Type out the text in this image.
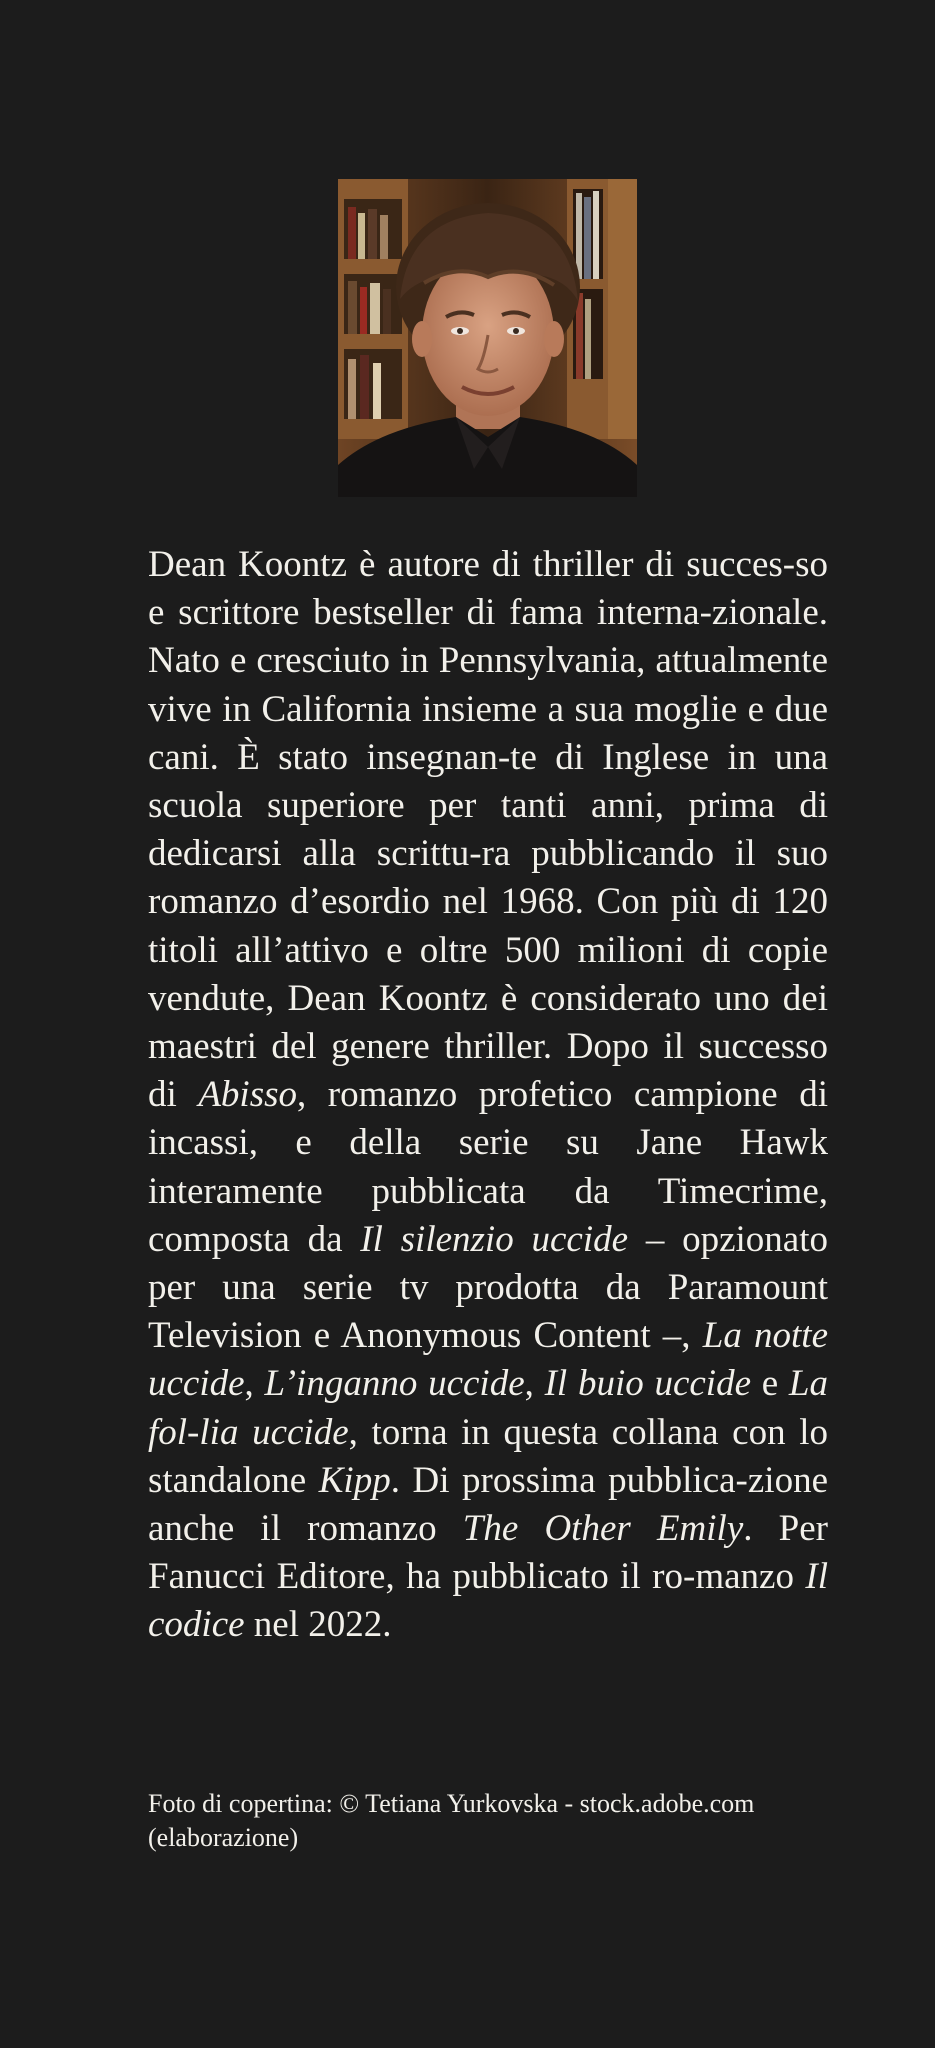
Dean Koontz è autore di thriller di succes-so e scrittore bestseller di fama interna-zionale. Nato e cresciuto in Pennsylvania, attualmente vive in California insieme a sua moglie e due cani. È stato insegnan-te di Inglese in una scuola superiore per tanti anni, prima di dedicarsi alla scrittu-ra pubblicando il suo romanzo d’esordio nel 1968. Con più di 120 titoli all’attivo e oltre 500 milioni di copie vendute, Dean Koontz è considerato uno dei maestri del genere thriller. Dopo il successo di Abisso, romanzo profetico campione di incassi, e della serie su Jane Hawk interamente pubblicata da Timecrime, composta da Il silenzio uccide – opzionato per una serie tv prodotta da Paramount Television e Anonymous Content –, La notte uccide, L’inganno uccide, Il buio uccide e La fol-lia uccide, torna in questa collana con lo standalone Kipp. Di prossima pubblica-zione anche il romanzo The Other Emily. Per Fanucci Editore, ha pubblicato il ro-manzo Il codice nel 2022.

Foto di copertina: © Tetiana Yurkovska - stock.adobe.com
(elaborazione)
